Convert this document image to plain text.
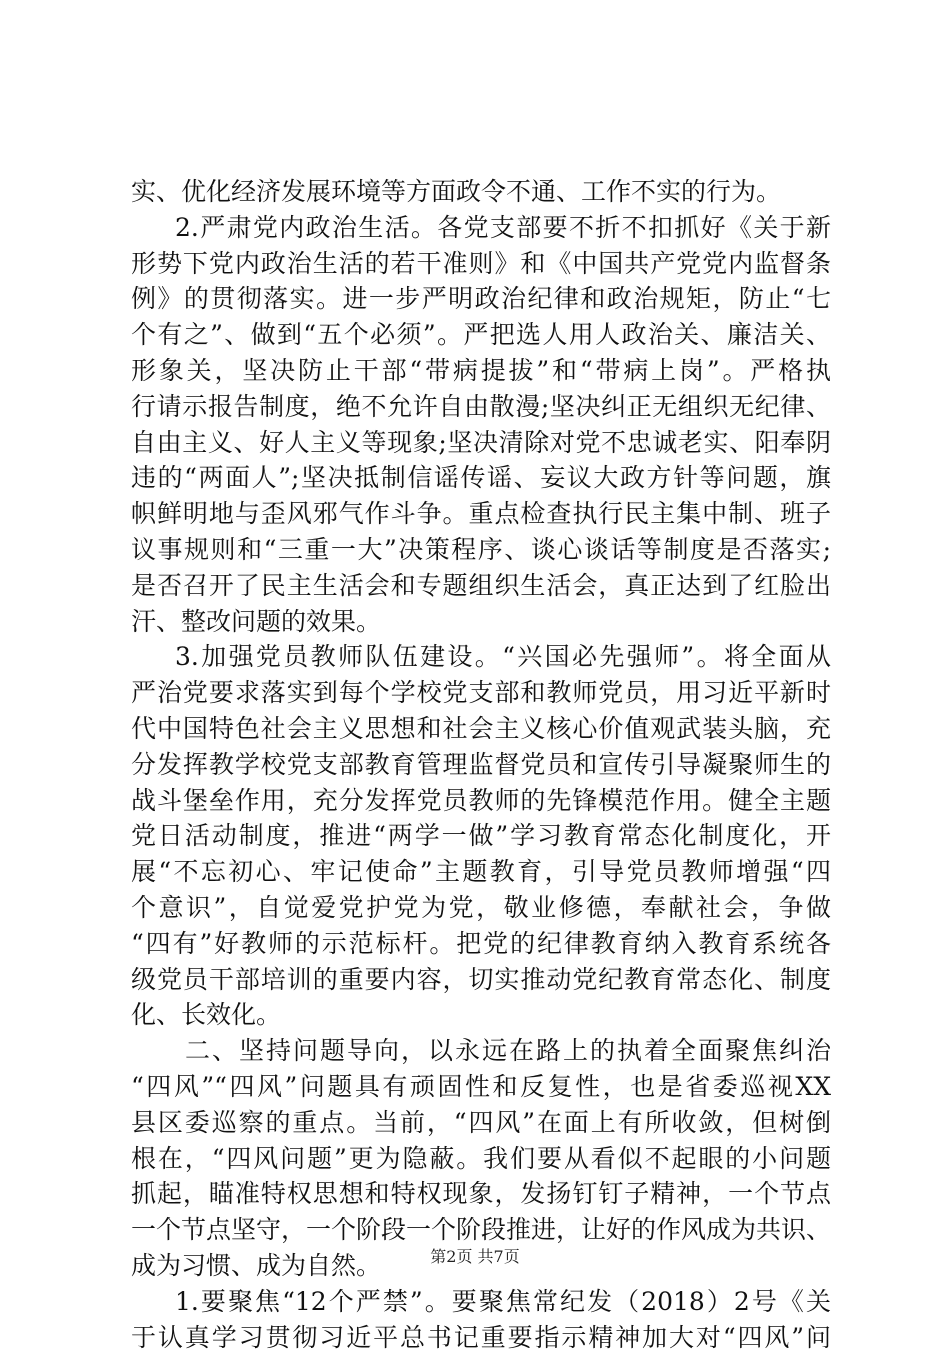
实、优化经济发展环境等方面政令不通、工作不实的行为。
2.严肃党内政治生活。各党支部要不折不扣抓好《关于新
形势下党内政治生活的若干准则》和《中国共产党党内监督条
例》的贯彻落实。进一步严明政治纪律和政治规矩，防止“七
个有之”、做到“五个必须”。严把选人用人政治关、廉洁关、
形象关，坚决防止干部“带病提拔”和“带病上岗”。严格执
行请示报告制度，绝不允许自由散漫;坚决纠正无组织无纪律、
自由主义、好人主义等现象;坚决清除对党不忠诚老实、阳奉阴
违的“两面人”;坚决抵制信谣传谣、妄议大政方针等问题，旗
帜鲜明地与歪风邪气作斗争。重点检查执行民主集中制、班子
议事规则和“三重一大”决策程序、谈心谈话等制度是否落实;
是否召开了民主生活会和专题组织生活会，真正达到了红脸出
汗、整改问题的效果。
3.加强党员教师队伍建设。“兴国必先强师”。将全面从
严治党要求落实到每个学校党支部和教师党员，用习近平新时
代中国特色社会主义思想和社会主义核心价值观武装头脑，充
分发挥教学校党支部教育管理监督党员和宣传引导凝聚师生的
战斗堡垒作用，充分发挥党员教师的先锋模范作用。健全主题
党日活动制度，推进“两学一做”学习教育常态化制度化，开
展“不忘初心、牢记使命”主题教育，引导党员教师增强“四
个意识”，自觉爱党护党为党，敬业修德，奉献社会，争做
“四有”好教师的示范标杆。把党的纪律教育纳入教育系统各
级党员干部培训的重要内容，切实推动党纪教育常态化、制度
化、长效化。
二、坚持问题导向，以永远在路上的执着全面聚焦纠治
“四风”“四风”问题具有顽固性和反复性，也是省委巡视XX
县区委巡察的重点。当前，“四风”在面上有所收敛，但树倒
根在，“四风问题”更为隐蔽。我们要从看似不起眼的小问题
抓起，瞄准特权思想和特权现象，发扬钉钉子精神，一个节点
一个节点坚守，一个阶段一个阶段推进，让好的作风成为共识、
成为习惯、成为自然。
1.要聚焦“12个严禁”。要聚焦常纪发（2018）2号《关
于认真学习贯彻习近平总书记重要指示精神加大对“四风”问
第2页 共7页
